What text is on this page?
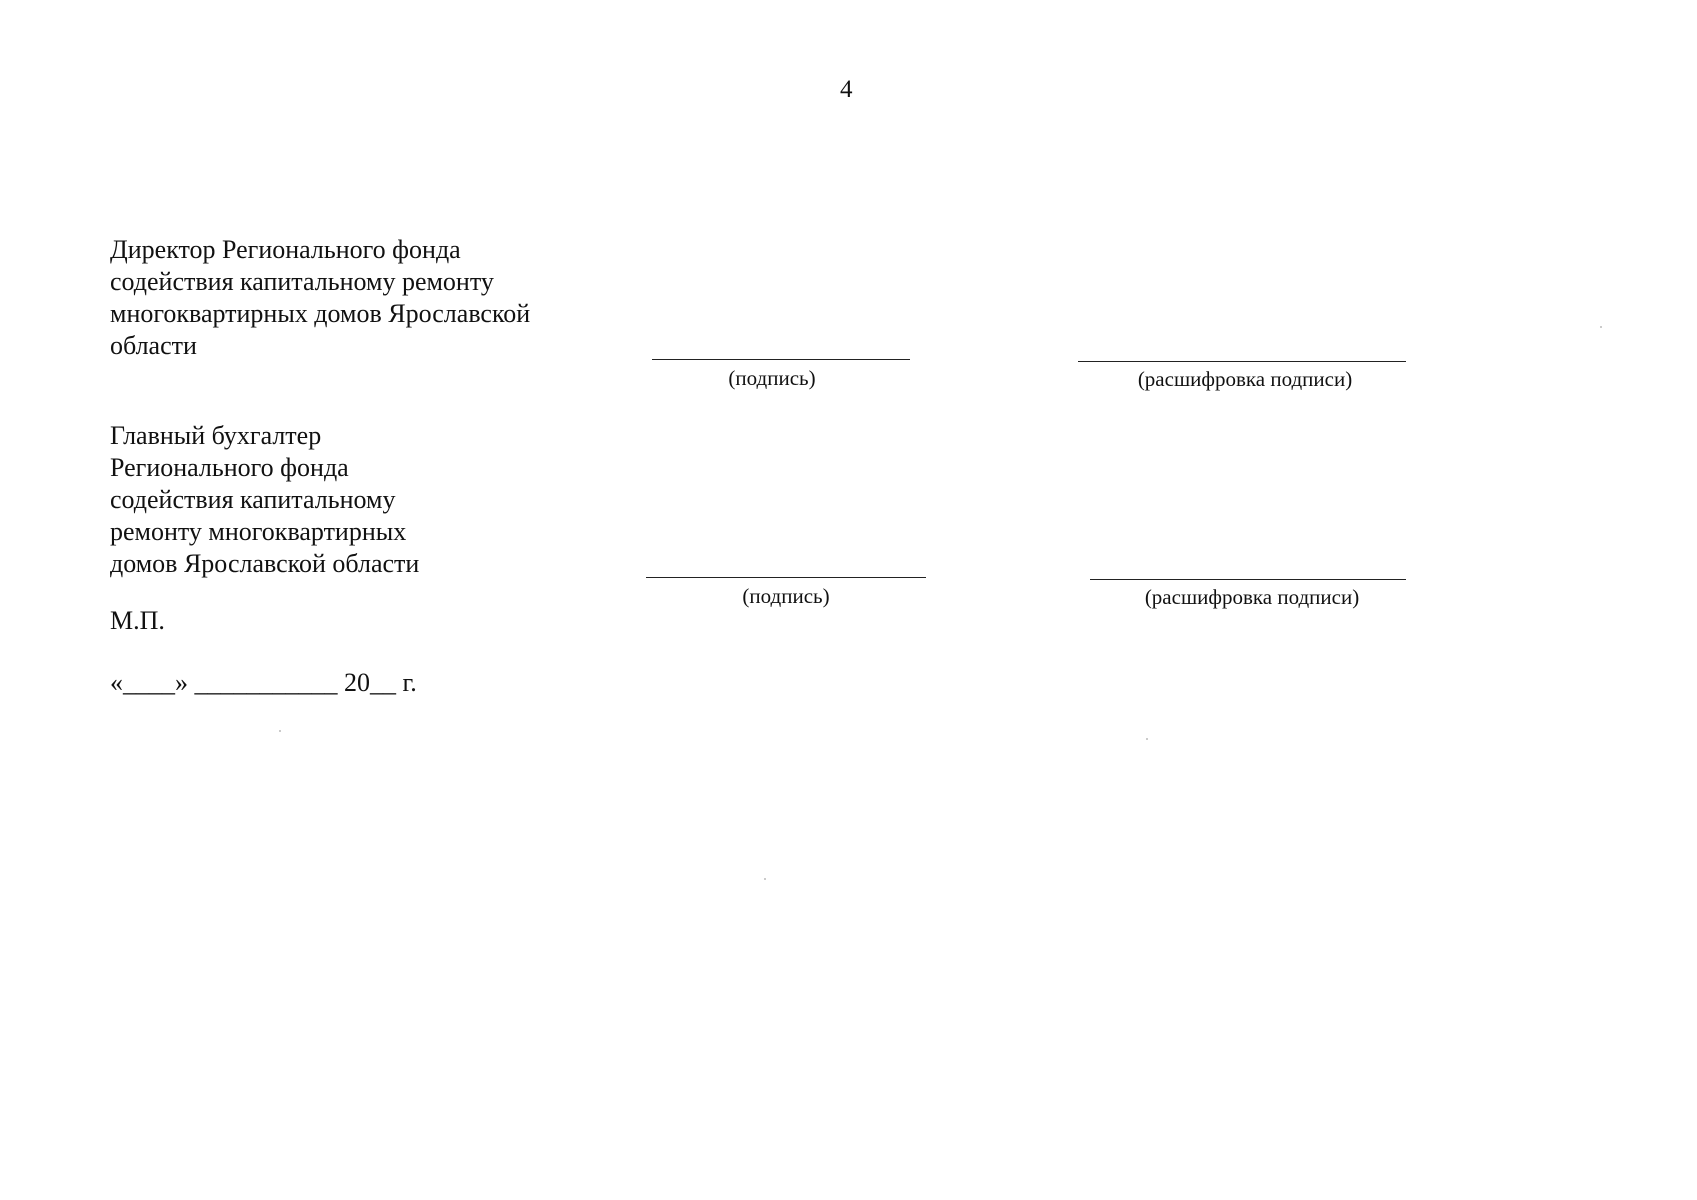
4
Директор Регионального фонда
содействия капитальному ремонту
многоквартирных домов Ярославской
области
(подпись)	(расшифровка подписи)
Главный бухгалтер
Регионального фонда
содействия капитальному
ремонту многоквартирных
домов Ярославской области
(подпись)	(расшифровка подписи)
М.П.
«____» ___________ 20__ г.
